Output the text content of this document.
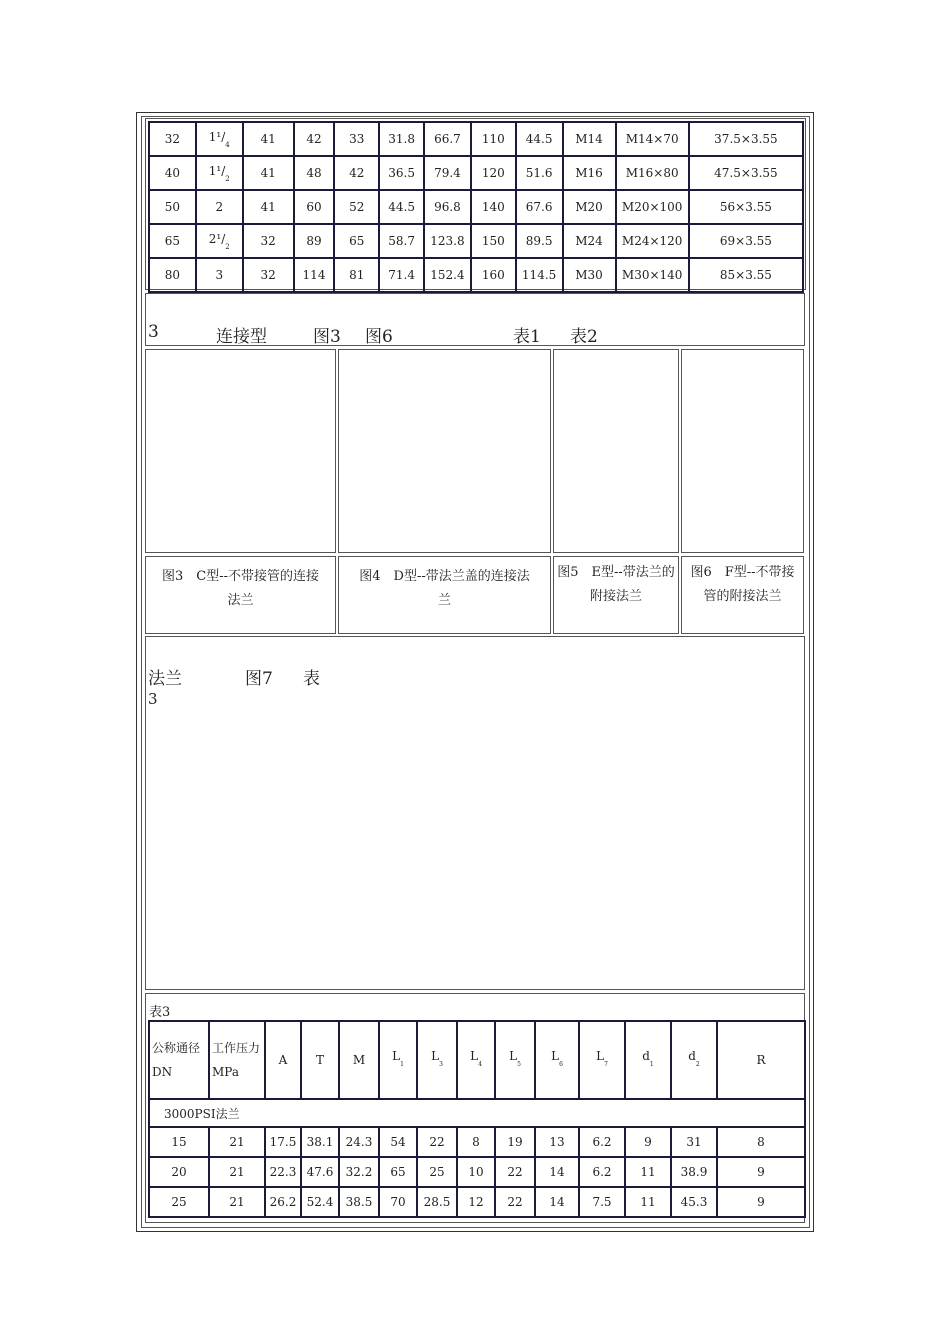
32	$1^1/_4$	41	42	33	31.8	66.7	110	44.5	M14	M14×70	37.5×3.55
40	$1^1/_2$	41	48	42	36.5	79.4	120	51.6	M16	M16×80	47.5×3.55
50	2	41	60	52	44.5	96.8	140	67.6	M20	M20×100	56×3.55
65	$2^1/_2$	32	89	65	58.7	123.8	150	89.5	M24	M24×120	69×3.55
80	3	32	114	81	71.4	152.4	160	114.5	M30	M30×140	85×3.55
3	连接型	图3 图6	表1 表2
图3　C型--不带接管的连接法兰
图4　D型--带法兰盖的连接法兰
图5　E型--带法兰的附接法兰
图6　F型--不带接管的附接法兰
法兰	图7 表
3
表3
公称通径DN	工作压力MPa	A	T	M	$L_1$	$L_3$	$L_4$	$L_5$	$L_6$	$L_7$	$d_1$	$d_2$	R
3000PSI法兰													
15	21	17.5	38.1	24.3	54	22	8	19	13	6.2	9	31	8
20	21	22.3	47.6	32.2	65	25	10	22	14	6.2	11	38.9	9
25	21	26.2	52.4	38.5	70	28.5	12	22	14	7.5	11	45.3	9
